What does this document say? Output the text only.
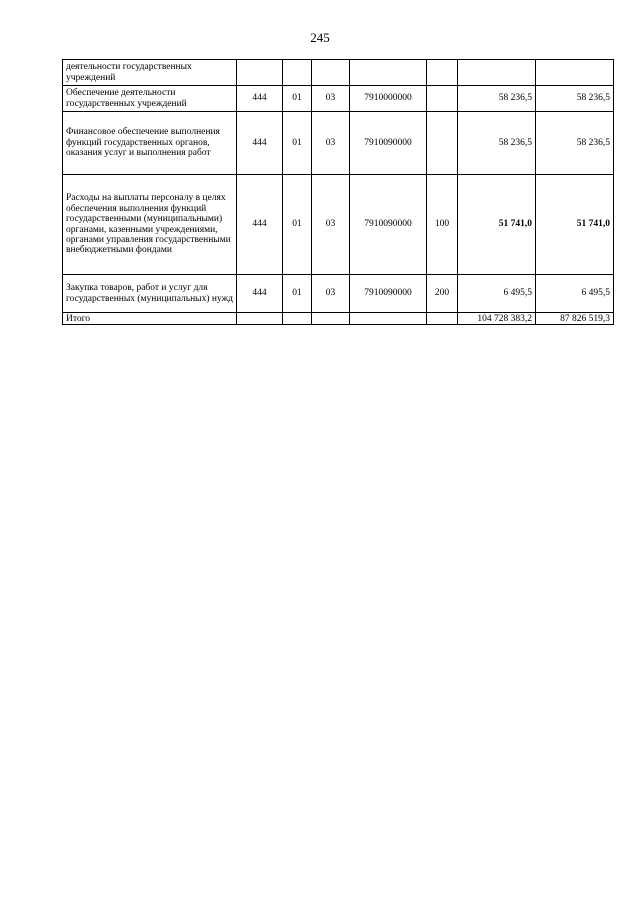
245
деятельности государственных учреждений							
Обеспечение деятельности государственных учреждений	444	01	03	7910000000		58 236,5	58 236,5
Финансовое обеспечение выполнения функций государственных органов, оказания услуг и выполнения работ	444	01	03	7910090000		58 236,5	58 236,5
Расходы на выплаты персоналу в целях обеспечения выполнения функций государственными (муниципальными) органами, казенными учреждениями, органами управления государственными внебюджетными фондами	444	01	03	7910090000	100	51 741,0	51 741,0
Закупка товаров, работ и услуг для государственных (муниципальных) нужд	444	01	03	7910090000	200	6 495,5	6 495,5
Итого						104 728 383,2	87 826 519,3
